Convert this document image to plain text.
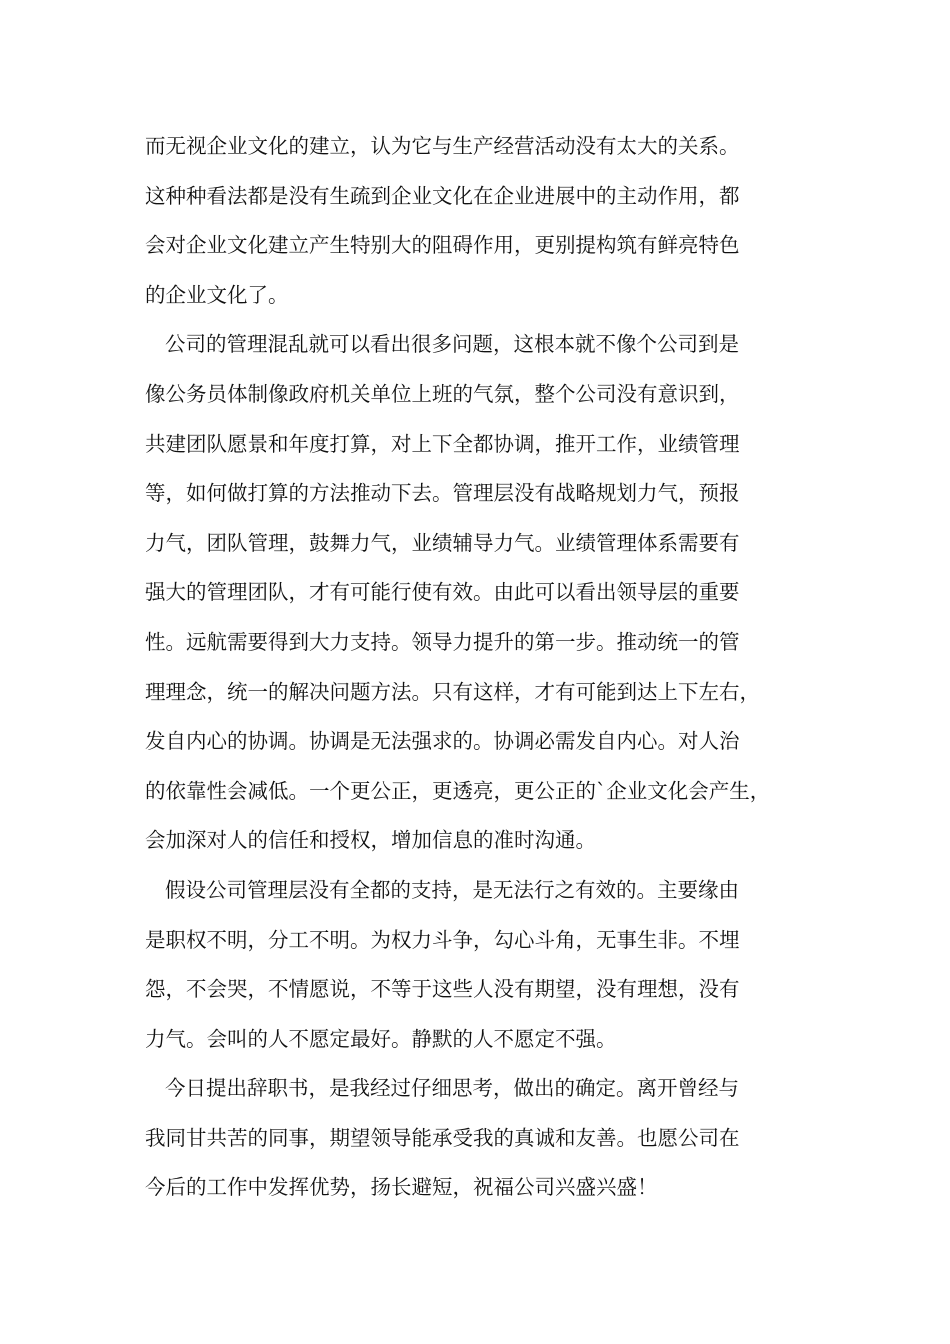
而无视企业文化的建立，认为它与生产经营活动没有太大的关系。
这种种看法都是没有生疏到企业文化在企业进展中的主动作用，都
会对企业文化建立产生特别大的阻碍作用，更别提构筑有鲜亮特色
的企业文化了。
公司的管理混乱就可以看出很多问题，这根本就不像个公司到是
像公务员体制像政府机关单位上班的气氛，整个公司没有意识到，
共建团队愿景和年度打算，对上下全都协调，推开工作，业绩管理
等，如何做打算的方法推动下去。管理层没有战略规划力气，预报
力气，团队管理，鼓舞力气，业绩辅导力气。业绩管理体系需要有
强大的管理团队，才有可能行使有效。由此可以看出领导层的重要
性。远航需要得到大力支持。领导力提升的第一步。推动统一的管
理理念，统一的解决问题方法。只有这样，才有可能到达上下左右，
发自内心的协调。协调是无法强求的。协调必需发自内心。对人治
的依靠性会减低。一个更公正，更透亮，更公正的`企业文化会产生，
会加深对人的信任和授权，增加信息的准时沟通。
假设公司管理层没有全都的支持，是无法行之有效的。主要缘由
是职权不明，分工不明。为权力斗争，勾心斗角，无事生非。不埋
怨，不会哭，不情愿说，不等于这些人没有期望，没有理想，没有
力气。会叫的人不愿定最好。静默的人不愿定不强。
今日提出辞职书，是我经过仔细思考，做出的确定。离开曾经与
我同甘共苦的同事，期望领导能承受我的真诚和友善。也愿公司在
今后的工作中发挥优势，扬长避短，祝福公司兴盛兴盛！
